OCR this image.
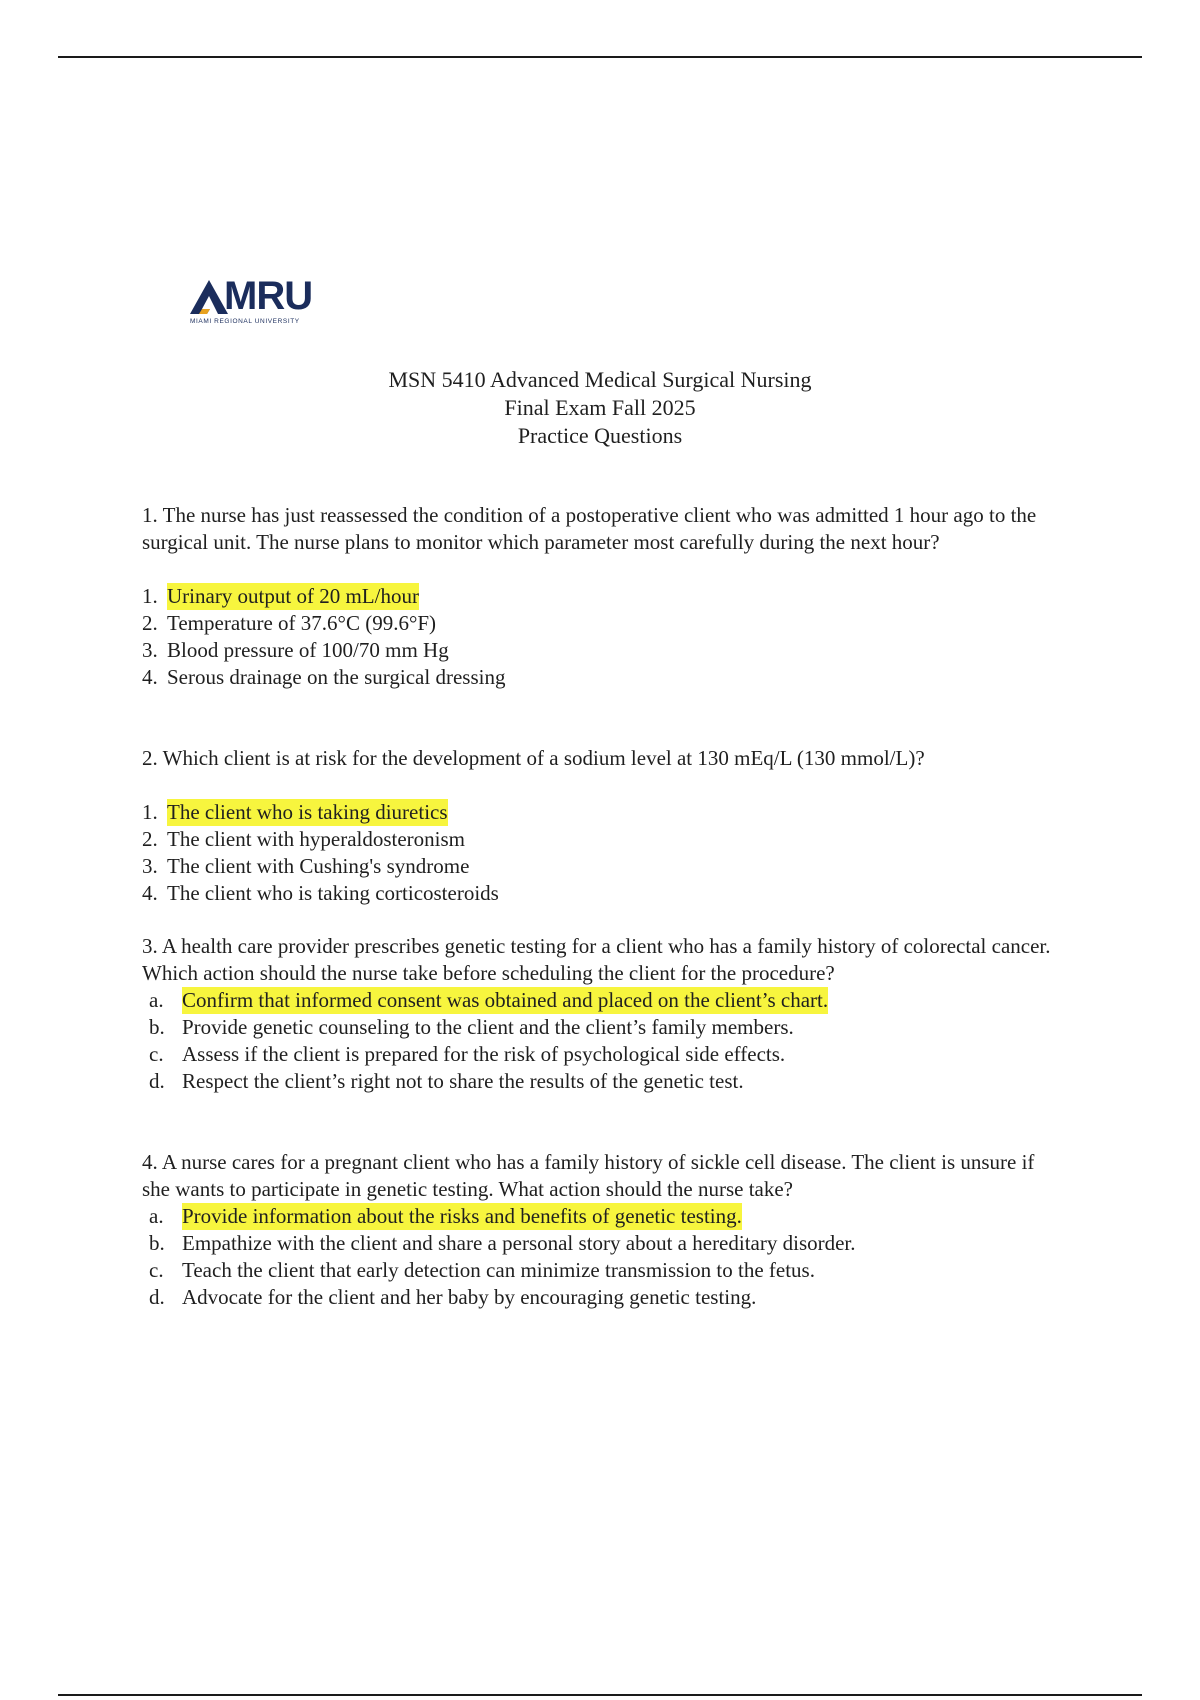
MRU
MIAMI REGIONAL UNIVERSITY
MSN 5410 Advanced Medical Surgical Nursing
Final Exam Fall 2025
Practice Questions

1. The nurse has just reassessed the condition of a postoperative client who was admitted 1 hour ago to the surgical unit. The nurse plans to monitor which parameter most carefully during the next hour?

1. Urinary output of 20 mL/hour
2. Temperature of 37.6°C (99.6°F)
3. Blood pressure of 100/70 mm Hg
4. Serous drainage on the surgical dressing

2. Which client is at risk for the development of a sodium level at 130 mEq/L (130 mmol/L)?

1. The client who is taking diuretics
2. The client with hyperaldosteronism
3. The client with Cushing's syndrome
4. The client who is taking corticosteroids

3. A health care provider prescribes genetic testing for a client who has a family history of colorectal cancer. Which action should the nurse take before scheduling the client for the procedure?

a. Confirm that informed consent was obtained and placed on the client’s chart.
b. Provide genetic counseling to the client and the client’s family members.
c. Assess if the client is prepared for the risk of psychological side effects.
d. Respect the client’s right not to share the results of the genetic test.

4. A nurse cares for a pregnant client who has a family history of sickle cell disease. The client is unsure if she wants to participate in genetic testing. What action should the nurse take?

a. Provide information about the risks and benefits of genetic testing.
b. Empathize with the client and share a personal story about a hereditary disorder.
c. Teach the client that early detection can minimize transmission to the fetus.
d. Advocate for the client and her baby by encouraging genetic testing.
